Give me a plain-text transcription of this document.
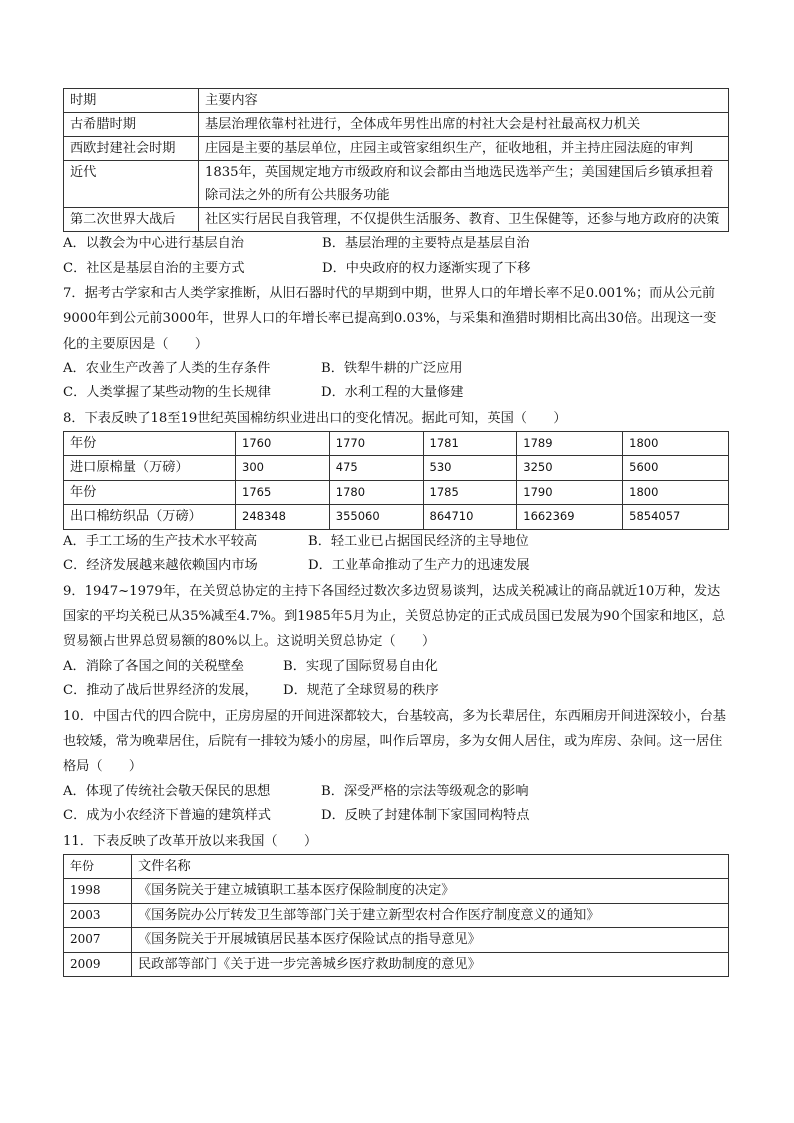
时期	主要内容
古希腊时期	基层治理依靠村社进行，全体成年男性出席的村社大会是村社最高权力机关
西欧封建社会时期	庄园是主要的基层单位，庄园主或管家组织生产，征收地租，并主持庄园法庭的审判
近代	1835年，英国规定地方市级政府和议会都由当地选民选举产生；美国建国后乡镇承担着除司法之外的所有公共服务功能
第二次世界大战后	社区实行居民自我管理，不仅提供生活服务、教育、卫生保健等，还参与地方政府的决策
A．以教会为中心进行基层自治	B．基层治理的主要特点是基层自治
C．社区是基层自治的主要方式	D．中央政府的权力逐渐实现了下移
7．据考古学家和古人类学家推断，从旧石器时代的早期到中期，世界人口的年增长率不足0.001%；而从公元前9000年到公元前3000年，世界人口的年增长率已提高到0.03%，与采集和渔猎时期相比高出30倍。出现这一变化的主要原因是（　　）
A．农业生产改善了人类的生存条件	B．铁犁牛耕的广泛应用
C．人类掌握了某些动物的生长规律	D．水利工程的大量修建
8．下表反映了18至19世纪英国棉纺织业进出口的变化情况。据此可知，英国（　　）
年份	1760	1770	1781	1789	1800
进口原棉量（万磅）	300	475	530	3250	5600
年份	1765	1780	1785	1790	1800
出口棉纺织品（万磅）	248348	355060	864710	1662369	5854057
A．手工工场的生产技术水平较高	B．轻工业已占据国民经济的主导地位
C．经济发展越来越依赖国内市场	D．工业革命推动了生产力的迅速发展
9．1947~1979年，在关贸总协定的主持下各国经过数次多边贸易谈判，达成关税减让的商品就近10万种，发达国家的平均关税已从35%减至4.7%。到1985年5月为止，关贸总协定的正式成员国已发展为90个国家和地区，总贸易额占世界总贸易额的80%以上。这说明关贸总协定（　　）
A．消除了各国之间的关税壁垒	B．实现了国际贸易自由化
C．推动了战后世界经济的发展，	D．规范了全球贸易的秩序
10．中国古代的四合院中，正房房屋的开间进深都较大，台基较高，多为长辈居住，东西厢房开间进深较小，台基也较矮，常为晚辈居住，后院有一排较为矮小的房屋，叫作后罩房，多为女佣人居住，或为库房、杂间。这一居住格局（　　）
A．体现了传统社会敬天保民的思想	B．深受严格的宗法等级观念的影响
C．成为小农经济下普遍的建筑样式	D．反映了封建体制下家国同构特点
11．下表反映了改革开放以来我国（　　）
年份	文件名称
1998	《国务院关于建立城镇职工基本医疗保险制度的决定》
2003	《国务院办公厅转发卫生部等部门关于建立新型农村合作医疗制度意义的通知》
2007	《国务院关于开展城镇居民基本医疗保险试点的指导意见》
2009	民政部等部门《关于进一步完善城乡医疗救助制度的意见》
